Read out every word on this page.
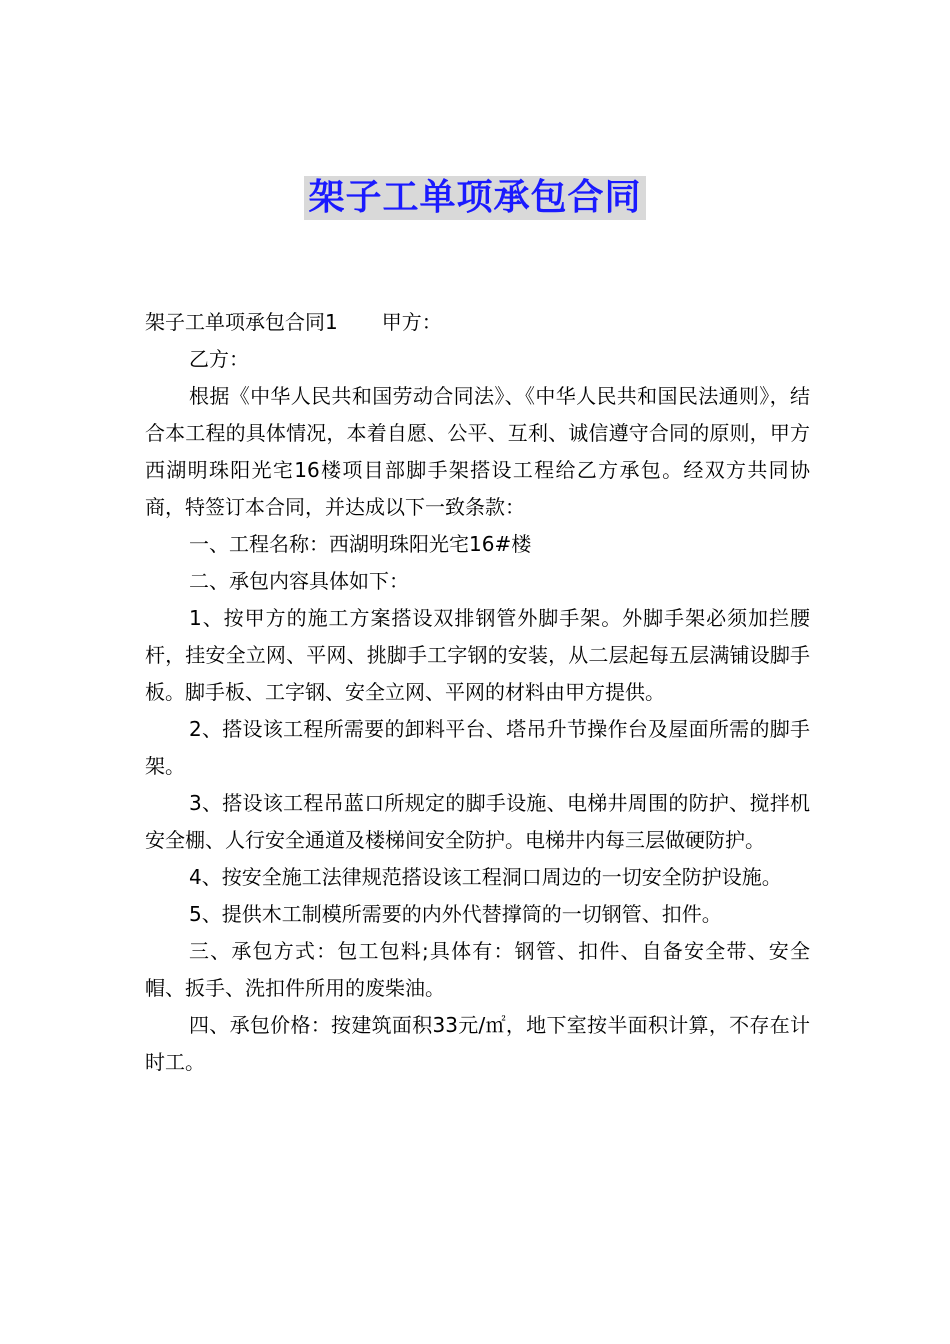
架子工单项承包合同

架子工单项承包合同1 甲方：

乙方：

根据《中华人民共和国劳动合同法》、《中华人民共和国民法通则》，结合本工程的具体情况，本着自愿、公平、互利、诚信遵守合同的原则，甲方西湖明珠阳光宅16楼项目部脚手架搭设工程给乙方承包。经双方共同协商，特签订本合同，并达成以下一致条款：

一、工程名称：西湖明珠阳光宅16#楼

二、承包内容具体如下：

1、按甲方的施工方案搭设双排钢管外脚手架。外脚手架必须加拦腰杆，挂安全立网、平网、挑脚手工字钢的安装，从二层起每五层满铺设脚手板。脚手板、工字钢、安全立网、平网的材料由甲方提供。

2、搭设该工程所需要的卸料平台、塔吊升节操作台及屋面所需的脚手架。

3、搭设该工程吊蓝口所规定的脚手设施、电梯井周围的防护、搅拌机安全棚、人行安全通道及楼梯间安全防护。电梯井内每三层做硬防护。

4、按安全施工法律规范搭设该工程洞口周边的一切安全防护设施。

5、提供木工制模所需要的内外代替撑筒的一切钢管、扣件。

三、承包方式：包工包料;具体有：钢管、扣件、自备安全带、安全帽、扳手、洗扣件所用的废柴油。

四、承包价格：按建筑面积33元/㎡，地下室按半面积计算，不存在计时工。
